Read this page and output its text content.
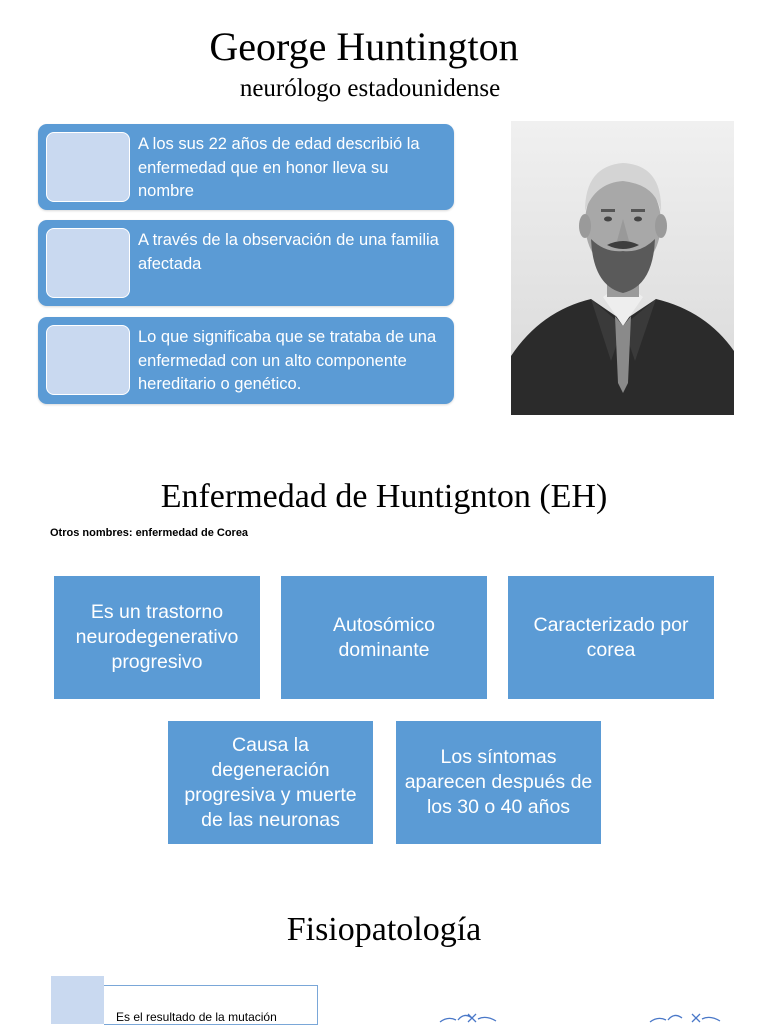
George Huntington
neurólogo estadounidense
A los sus 22 años de edad describió la enfermedad que en honor lleva su nombre
A través de la observación de una familia afectada
Lo que significaba que se trataba de una enfermedad con un alto componente hereditario o genético.
Enfermedad de Huntignton (EH)
Otros nombres: enfermedad de Corea
Es un trastorno neurodegenerativo progresivo
Autosómico dominante
Caracterizado por corea
Causa la degeneración progresiva y muerte de las neuronas
Los síntomas aparecen después de los 30 o 40 años
Fisiopatología
Es el resultado de la mutación
